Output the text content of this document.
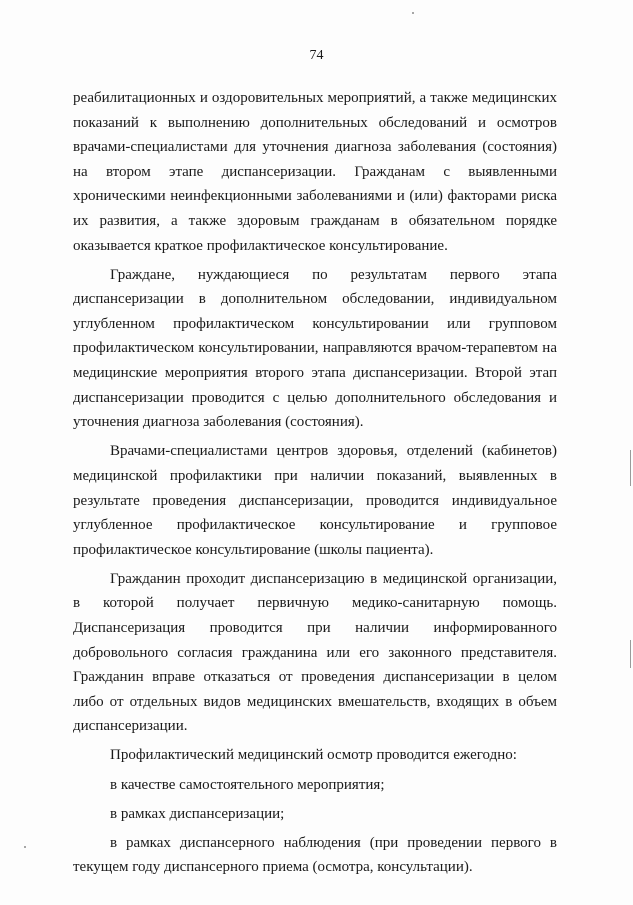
74

реабилитационных и оздоровительных мероприятий, а также медицинских показаний к выполнению дополнительных обследований и осмотров врачами-специалистами для уточнения диагноза заболевания (состояния) на втором этапе диспансеризации. Гражданам с выявленными хроническими неинфекционными заболеваниями и (или) факторами риска их развития, а также здоровым гражданам в обязательном порядке оказывается краткое профилактическое консультирование.

Граждане, нуждающиеся по результатам первого этапа диспансеризации в дополнительном обследовании, индивидуальном углубленном профилактическом консультировании или групповом профилактическом консультировании, направляются врачом-терапевтом на медицинские мероприятия второго этапа диспансеризации. Второй этап диспансеризации проводится с целью дополнительного обследования и уточнения диагноза заболевания (состояния).

Врачами-специалистами центров здоровья, отделений (кабинетов) медицинской профилактики при наличии показаний, выявленных в результате проведения диспансеризации, проводится индивидуальное углубленное профилактическое консультирование и групповое профилактическое консультирование (школы пациента).

Гражданин проходит диспансеризацию в медицинской организации, в которой получает первичную медико-санитарную помощь. Диспансеризация проводится при наличии информированного добровольного согласия гражданина или его законного представителя. Гражданин вправе отказаться от проведения диспансеризации в целом либо от отдельных видов медицинских вмешательств, входящих в объем диспансеризации.

Профилактический медицинский осмотр проводится ежегодно:

в качестве самостоятельного мероприятия;

в рамках диспансеризации;

в рамках диспансерного наблюдения (при проведении первого в текущем году диспансерного приема (осмотра, консультации).
